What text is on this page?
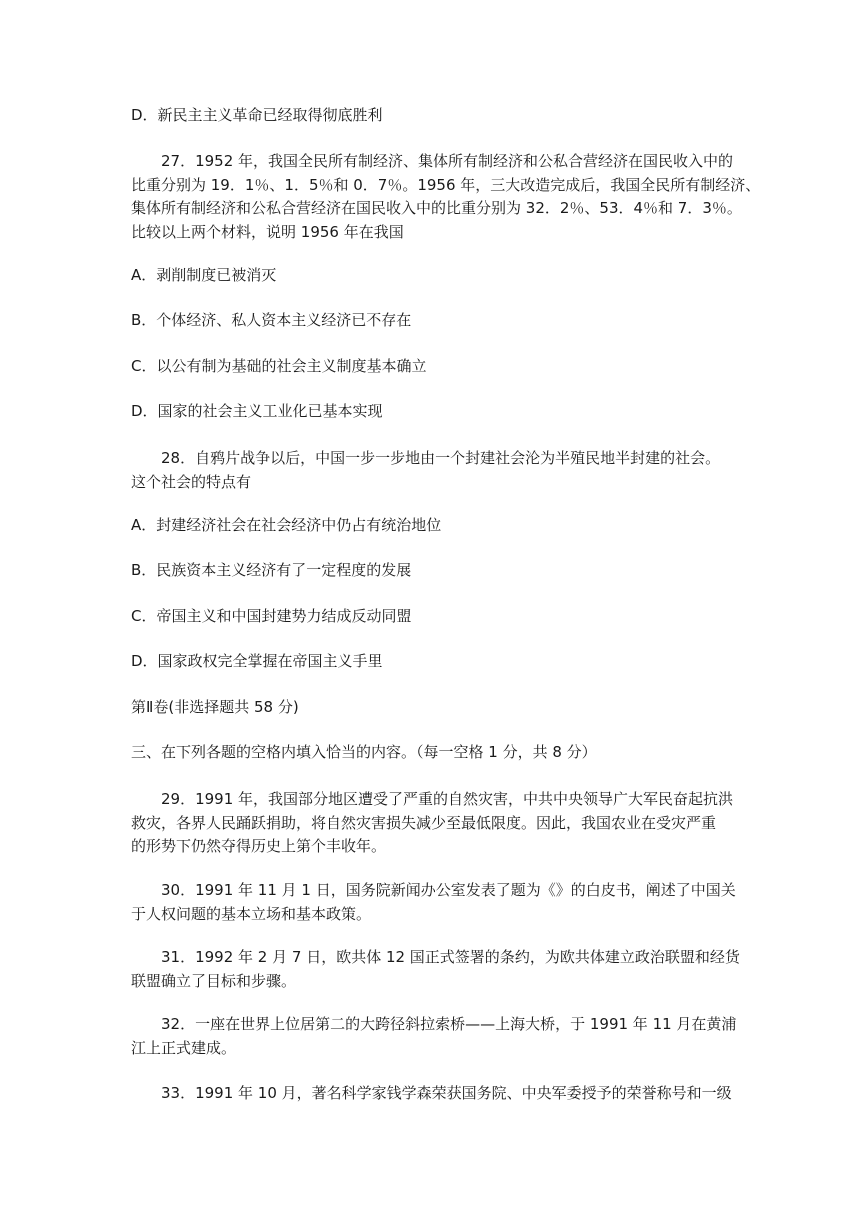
D．新民主主义革命已经取得彻底胜利

27．1952 年，我国全民所有制经济、集体所有制经济和公私合营经济在国民收入中的
比重分别为 19．1％、1．5％和 0．7％。1956 年，三大改造完成后，我国全民所有制经济、
集体所有制经济和公私合营经济在国民收入中的比重分别为 32．2％、53．4％和 7．3％。
比较以上两个材料，说明 1956 年在我国

A．剥削制度已被消灭

B．个体经济、私人资本主义经济已不存在

C．以公有制为基础的社会主义制度基本确立

D．国家的社会主义工业化已基本实现

28．自鸦片战争以后，中国一步一步地由一个封建社会沦为半殖民地半封建的社会。
这个社会的特点有

A．封建经济社会在社会经济中仍占有统治地位

B．民族资本主义经济有了一定程度的发展

C．帝国主义和中国封建势力结成反动同盟

D．国家政权完全掌握在帝国主义手里

第Ⅱ卷(非选择题共 58 分)

三、在下列各题的空格内填入恰当的内容。（每一空格 1 分，共 8 分）

29．1991 年，我国部分地区遭受了严重的自然灾害，中共中央领导广大军民奋起抗洪
救灾，各界人民踊跃捐助，将自然灾害损失减少至最低限度。因此，我国农业在受灾严重
的形势下仍然夺得历史上第个丰收年。

30．1991 年 11 月 1 日，国务院新闻办公室发表了题为《》的白皮书，阐述了中国关
于人权问题的基本立场和基本政策。

31．1992 年 2 月 7 日，欧共体 12 国正式签署的条约，为欧共体建立政治联盟和经货
联盟确立了目标和步骤。

32．一座在世界上位居第二的大跨径斜拉索桥——上海大桥，于 1991 年 11 月在黄浦
江上正式建成。

33．1991 年 10 月，著名科学家钱学森荣获国务院、中央军委授予的荣誉称号和一级
